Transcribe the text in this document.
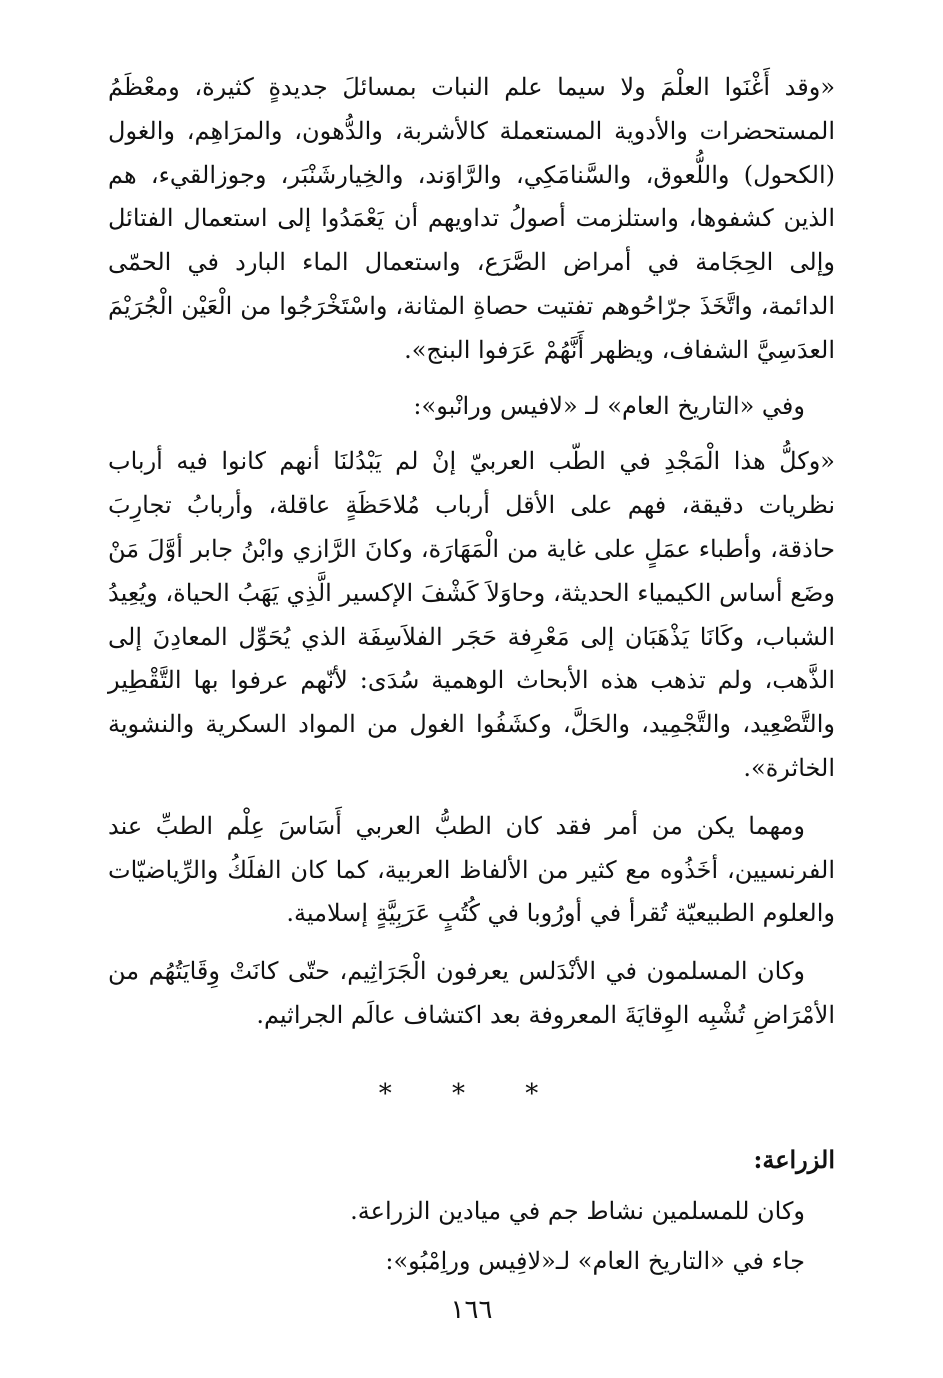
«وقد أَغْنَوا العلْمَ ولا سيما علم النبات بمسائلَ جديدةٍ كثيرة، ومعْظَمُ المستحضرات والأدوية المستعملة كالأشربة، والدُّهون، والمرَاهِم، والغول (الكحول) واللُّعوق، والسَّنامَكِي، والرَّاوَند، والخِيارشَنْبَر، وجوزالقيء، هم الذين كشفوها، واستلزمت أصولُ تداويهم أن يَعْمَدُوا إلى استعمال الفتائل وإلى الحِجَامة في أمراض الصَّرَع، واستعمال الماء البارد في الحمّى الدائمة، واتَّخَذَ جرّاحُوهم تفتيت حصاةِ المثانة، واسْتَخْرَجُوا من الْعَيْن الْجُرَيْمَ العدَسِيَّ الشفاف، ويظهر أَنَّهُمْ عَرَفوا البنج».

وفي «التاريخ العام» لـ «لافيس ورانْبو»:

«وكلُّ هذا الْمَجْدِ في الطّب العربيّ إنْ لم يَبْدُلنَا أنهم كانوا فيه أرباب نظريات دقيقة، فهم على الأقل أرباب مُلاحَظَةٍ عاقلة، وأربابُ تجارِبَ حاذقة، وأطباء عمَلٍ على غاية من الْمَهَارَة، وكانَ الرَّازي وابْنُ جابر أوَّلَ مَنْ وضَع أساس الكيمياء الحديثة، وحاوَلاَ كَشْفَ الإكسير الَّذِي يَهَبُ الحياة، ويُعِيدُ الشباب، وكَانَا يَذْهَبَان إلى مَعْرِفة حَجَر الفلاَسِفَة الذي يُحَوِّل المعادِنَ إلى الذَّهب، ولم تذهب هذه الأبحاث الوهمية سُدَى: لأنّهم عرفوا بها التَّقْطِير والتَّصْعِيد، والتَّجْمِيد، والحَلَّ، وكشَفُوا الغول من المواد السكرية والنشوية الخاثرة».

ومهما يكن من أمر فقد كان الطبُّ العربي أَسَاسَ عِلْم الطبِّ عند الفرنسيين، أخَذُوه مع كثير من الألفاظ العربية، كما كان الفلَكُ والرِّياضيّات والعلوم الطبيعيّة تُقرأ في أورُوبا في كُتُبٍ عَرَبِيَّةٍ إسلامية.

وكان المسلمون في الأنْدَلس يعرفون الْجَرَاثِيم، حتّى كانَتْ وِقَايَتُهُم من الأمْرَاضِ تُشْبِه الوِقايَةَ المعروفة بعد اكتشاف عالَم الجراثيم.

* * *
الزراعة:

وكان للمسلمين نشاط جم في ميادين الزراعة.

جاء في «التاريخ العام» لـ«لافِيس وراِمْبُو»:

١٦٦
